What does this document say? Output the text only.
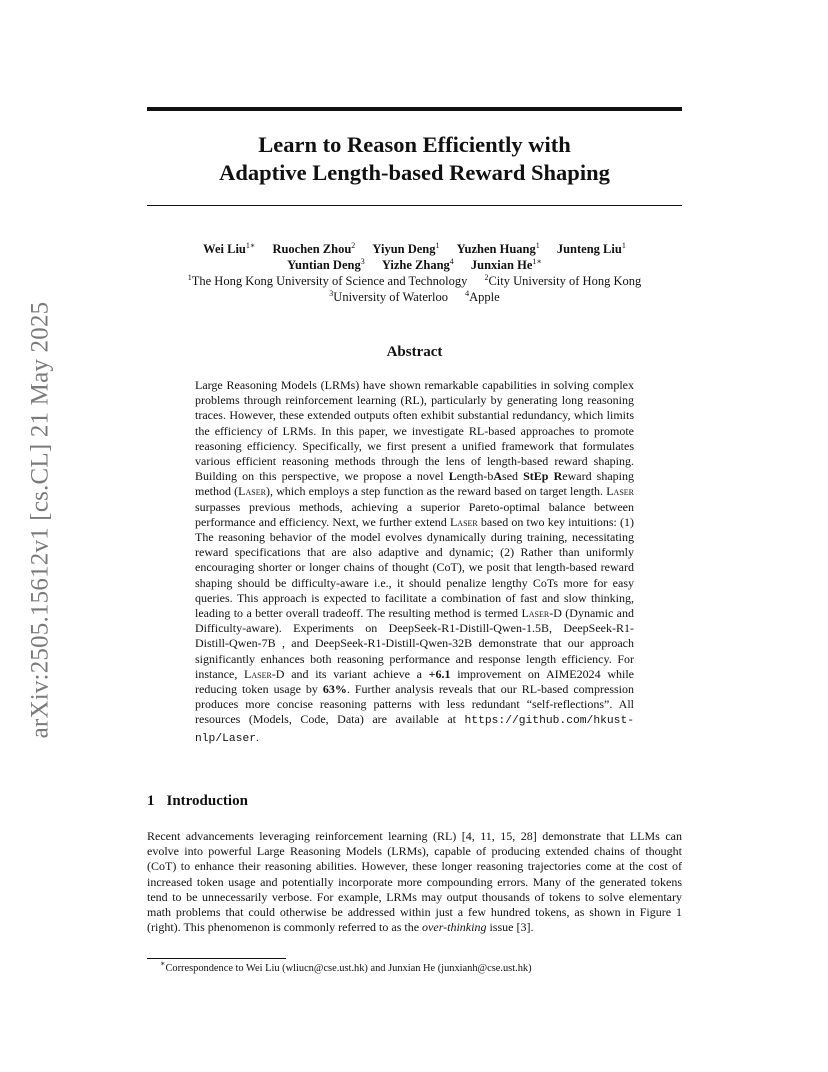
arXiv:2505.15612v1 [cs.CL] 21 May 2025
Learn to Reason Efficiently with
Adaptive Length-based Reward Shaping
Wei Liu$^{1∗}$ Ruochen Zhou$^2$ Yiyun Deng$^1$ Yuzhen Huang$^1$ Junteng Liu$^1$
Yuntian Deng$^3$ Yizhe Zhang$^4$ Junxian $He^{1∗}$
$^1$The Hong Kong University of Science and Technology $^2$City University of Hong Kong
$^3$University of Waterloo $^4$Apple
Abstract

Large Reasoning Models (LRMs) have shown remarkable capabilities in solving complex problems through reinforcement learning (RL), particularly by generating long reasoning traces. However, these extended outputs often exhibit substantial redundancy, which limits the efficiency of LRMs. In this paper, we investigate RL-based approaches to promote reasoning efficiency. Specifically, we first present a unified framework that formulates various efficient reasoning methods through the lens of length-based reward shaping. Building on this perspective, we propose a novel Length-bAsed StEp Reward shaping method (Laser), which employs a step function as the reward based on target length. Laser surpasses previous methods, achieving a superior Pareto-optimal balance between performance and efficiency. Next, we further extend Laser based on two key intuitions: (1) The reasoning behavior of the model evolves dynamically during training, necessitating reward specifications that are also adaptive and dynamic; (2) Rather than uniformly encouraging shorter or longer chains of thought (CoT), we posit that length-based reward shaping should be difficulty-aware i.e., it should penalize lengthy CoTs more for easy queries. This approach is expected to facilitate a combination of fast and slow thinking, leading to a better overall tradeoff. The resulting method is termed Laser-D (Dynamic and Difficulty-aware). Experiments on DeepSeek-R1-Distill-Qwen-1.5B, DeepSeek-R1-Distill-Qwen-7B , and DeepSeek-R1-Distill-Qwen-32B demonstrate that our approach significantly enhances both reasoning performance and response length efficiency. For instance, Laser-D and its variant achieve a +6.1 improvement on AIME2024 while reducing token usage by 63%. Further analysis reveals that our RL-based compression produces more concise reasoning patterns with less redundant “self-reflections”. All resources (Models, Code, Data) are available at https://github.com/hkust-nlp/Laser.

1 Introduction

Recent advancements leveraging reinforcement learning (RL) [4, 11, 15, 28] demonstrate that LLMs can evolve into powerful Large Reasoning Models (LRMs), capable of producing extended chains of thought (CoT) to enhance their reasoning abilities. However, these longer reasoning trajectories come at the cost of increased token usage and potentially incorporate more compounding errors. Many of the generated tokens tend to be unnecessarily verbose. For example, LRMs may output thousands of tokens to solve elementary math problems that could otherwise be addressed within just a few hundred tokens, as shown in Figure 1 (right). This phenomenon is commonly referred to as the over-thinking issue [3].

∗Correspondence to Wei Liu (wliucn@cse.ust.hk) and Junxian He (junxianh@cse.ust.hk)
